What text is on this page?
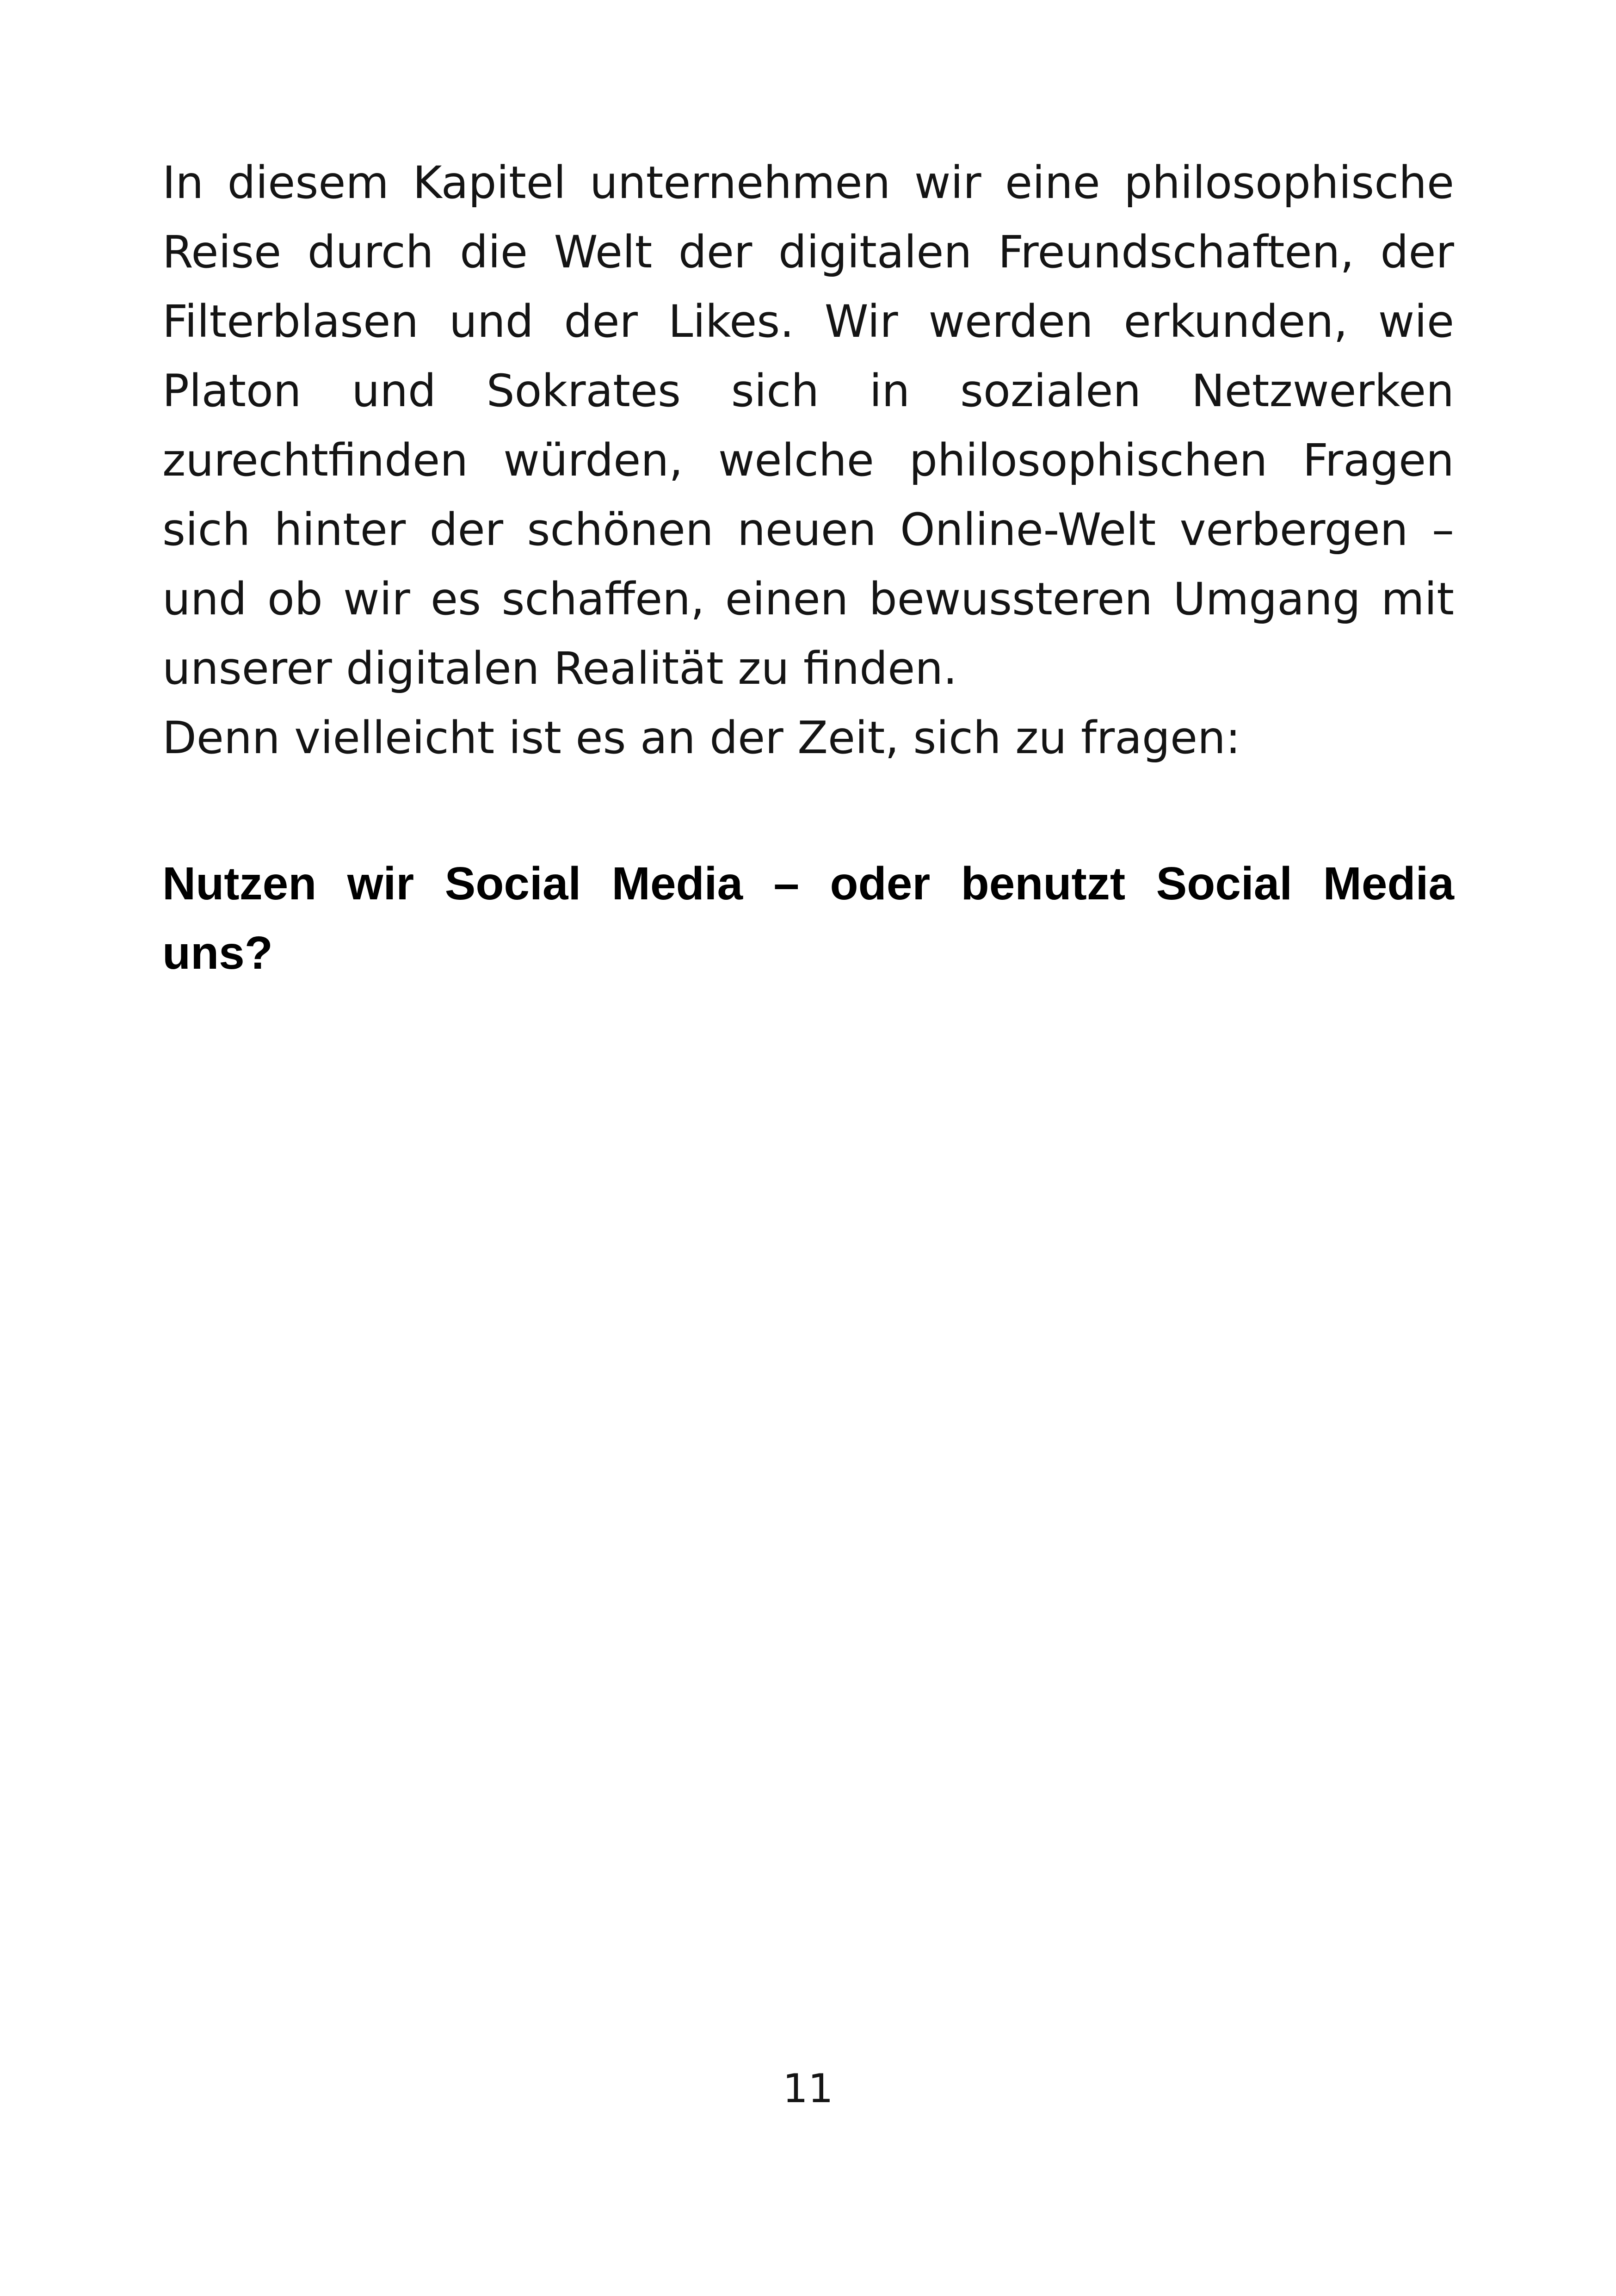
In diesem Kapitel unternehmen wir eine philosophische
Reise durch die Welt der digitalen Freundschaften, der
Filterblasen und der Likes. Wir werden erkunden, wie
Platon und Sokrates sich in sozialen Netzwerken
zurechtfinden würden, welche philosophischen Fragen
sich hinter der schönen neuen Online-Welt verbergen –
und ob wir es schaffen, einen bewussteren Umgang mit
unserer digitalen Realität zu finden.
Denn vielleicht ist es an der Zeit, sich zu fragen:
Nutzen wir Social Media – oder benutzt Social Media
uns?
11
